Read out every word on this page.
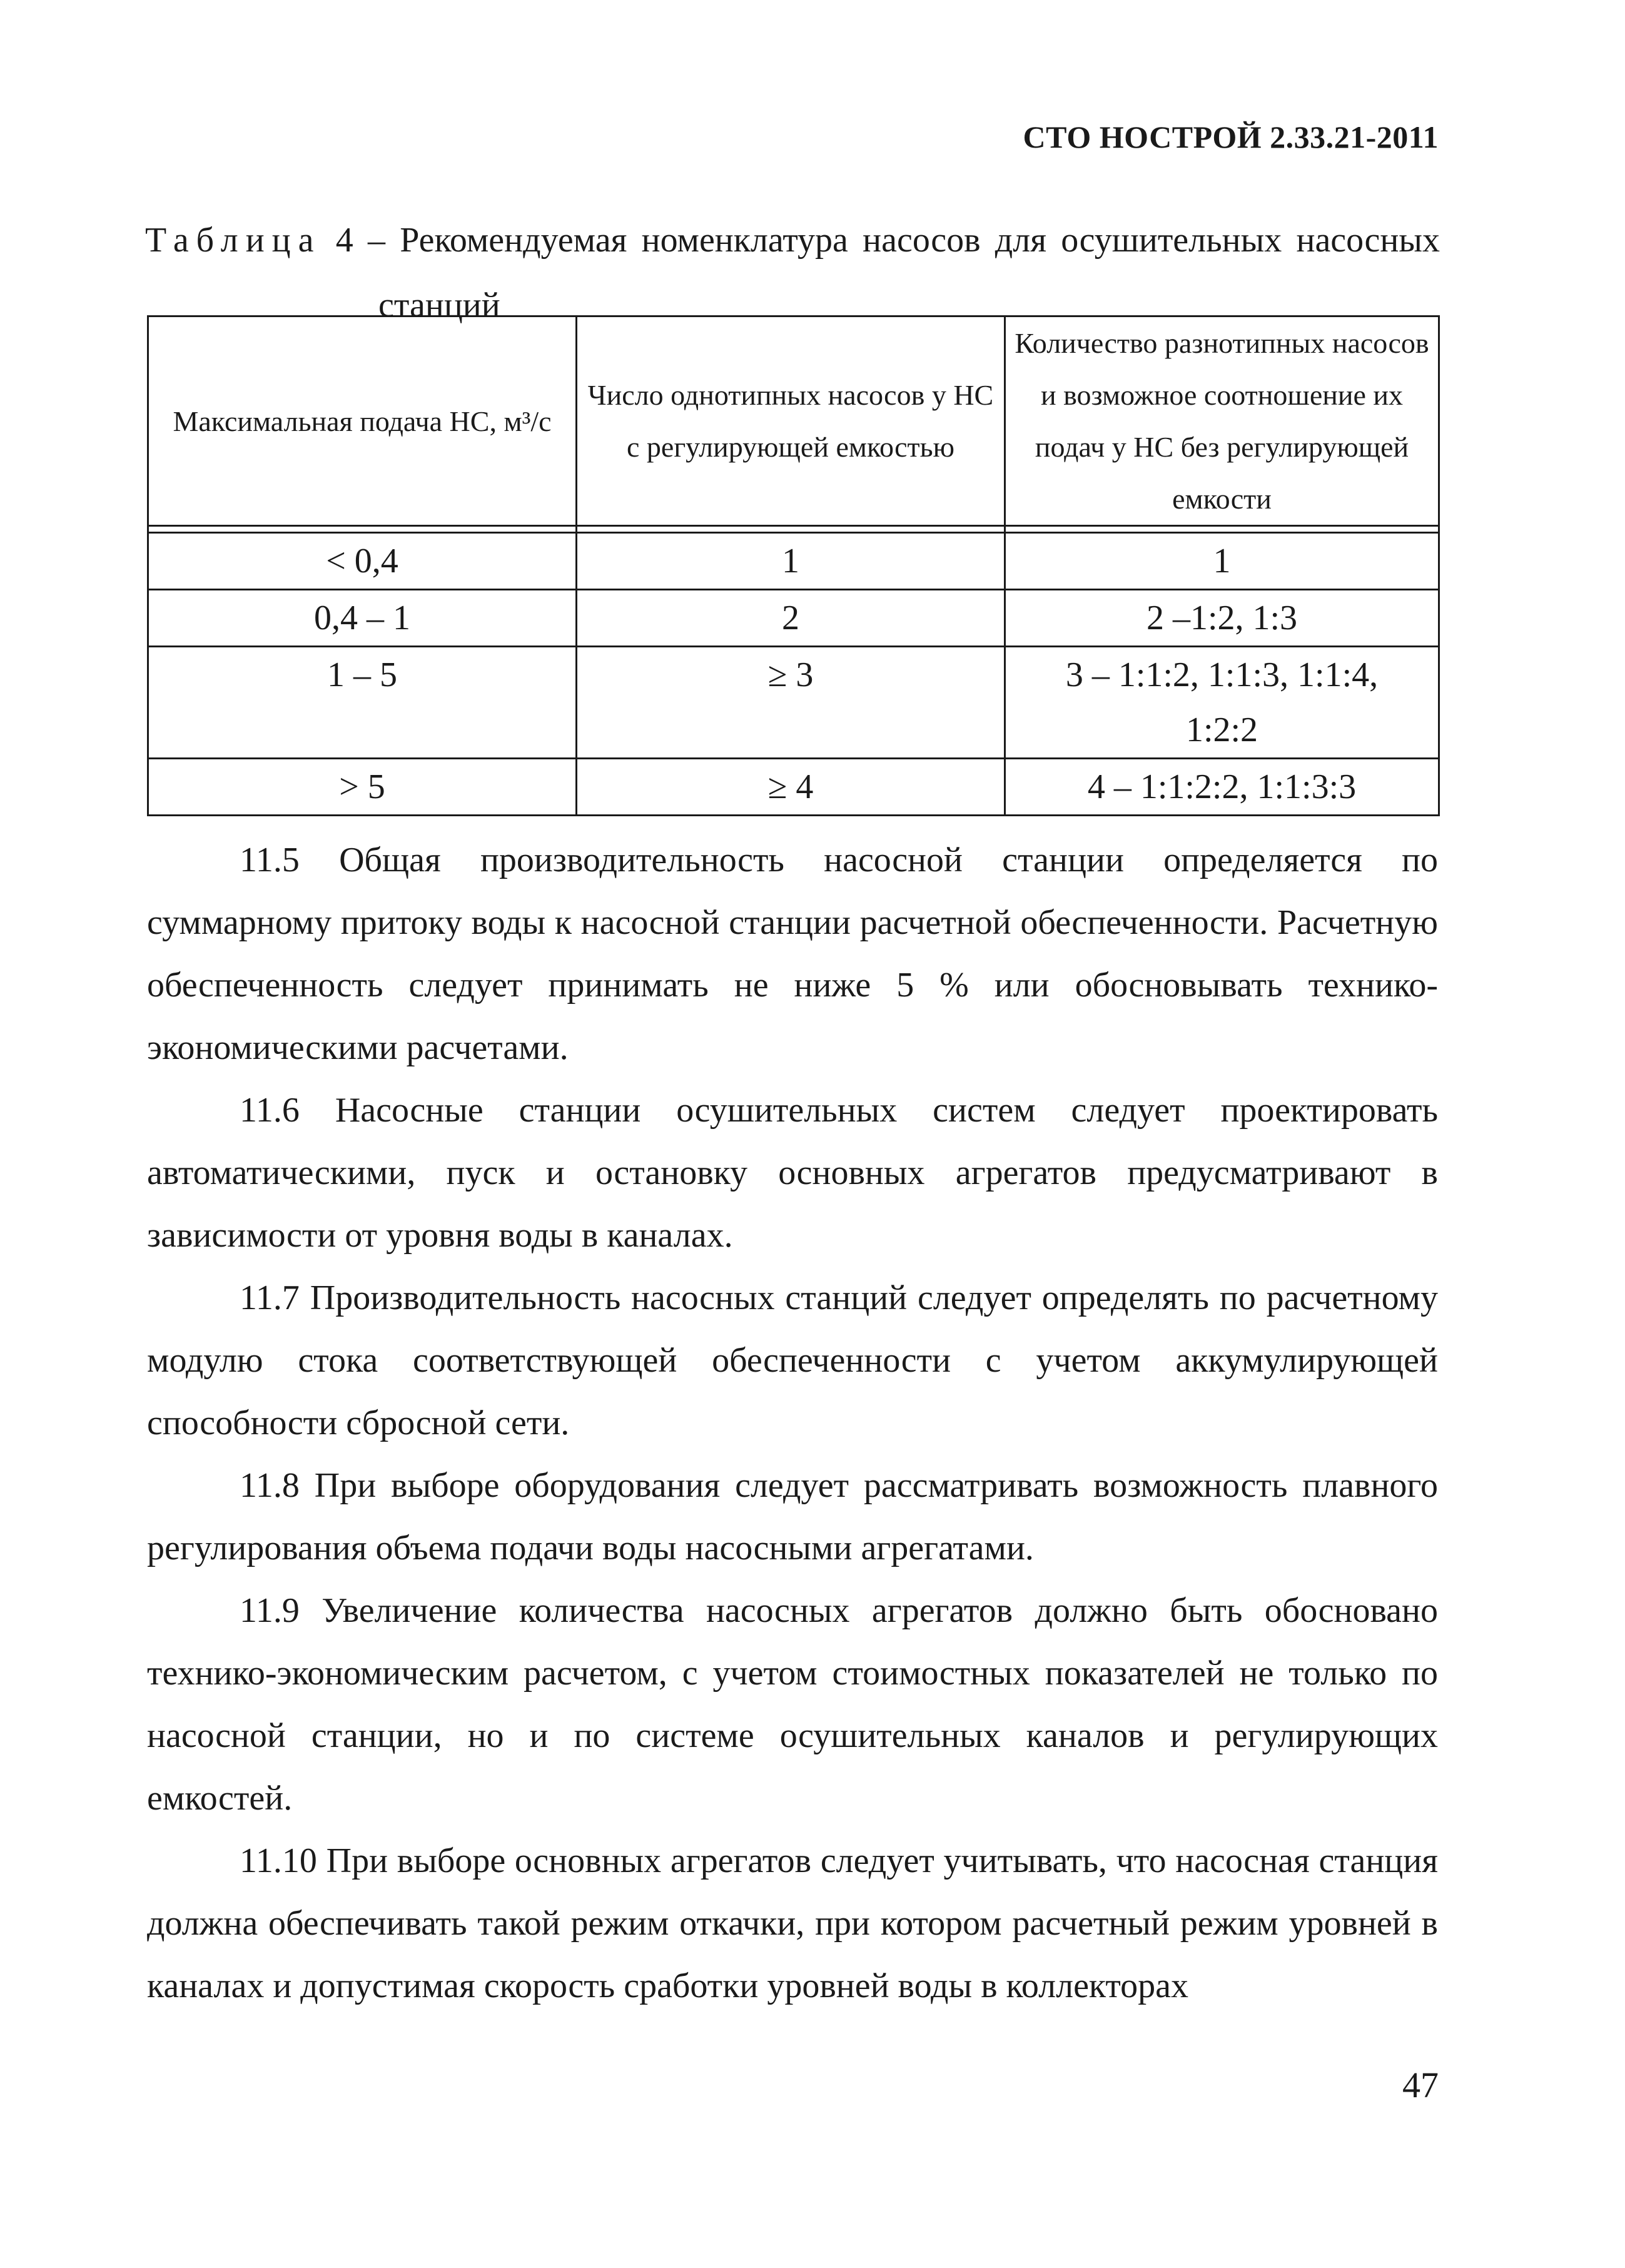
СТО НОСТРОЙ 2.33.21-2011
Таблица 4 – Рекомендуемая номенклатура насосов для осушительных насосных
станций
Максимальная подача НС, м³/с	Число однотипных насосов у НС с регулирующей емкостью	Количество разнотипных насосов и возможное соотношение их подач у НС без регулирующей емкости

< 0,4	1	1
0,4 – 1	2	2 –1:2, 1:3
1 – 5	≥ 3	3 – 1:1:2, 1:1:3, 1:1:4, 1:2:2
> 5	≥ 4	4 – 1:1:2:2, 1:1:3:3

11.5 Общая производительность насосной станции определяется по суммарному притоку воды к насосной станции расчетной обеспеченности. Расчетную обеспеченность следует принимать не ниже 5 % или обосновывать технико-экономическими расчетами.

11.6 Насосные станции осушительных систем следует проектировать автоматическими, пуск и остановку основных агрегатов предусматривают в зависимости от уровня воды в каналах.

11.7 Производительность насосных станций следует определять по расчетному модулю стока соответствующей обеспеченности с учетом аккумулирующей способности сбросной сети.

11.8 При выборе оборудования следует рассматривать возможность плавного регулирования объема подачи воды насосными агрегатами.

11.9 Увеличение количества насосных агрегатов должно быть обосновано технико-экономическим расчетом, с учетом стоимостных показателей не только по насосной станции, но и по системе осушительных каналов и регулирующих емкостей.

11.10 При выборе основных агрегатов следует учитывать, что насосная станция должна обеспечивать такой режим откачки, при котором расчетный режим уровней в каналах и допустимая скорость сработки уровней воды в коллекторах

47
